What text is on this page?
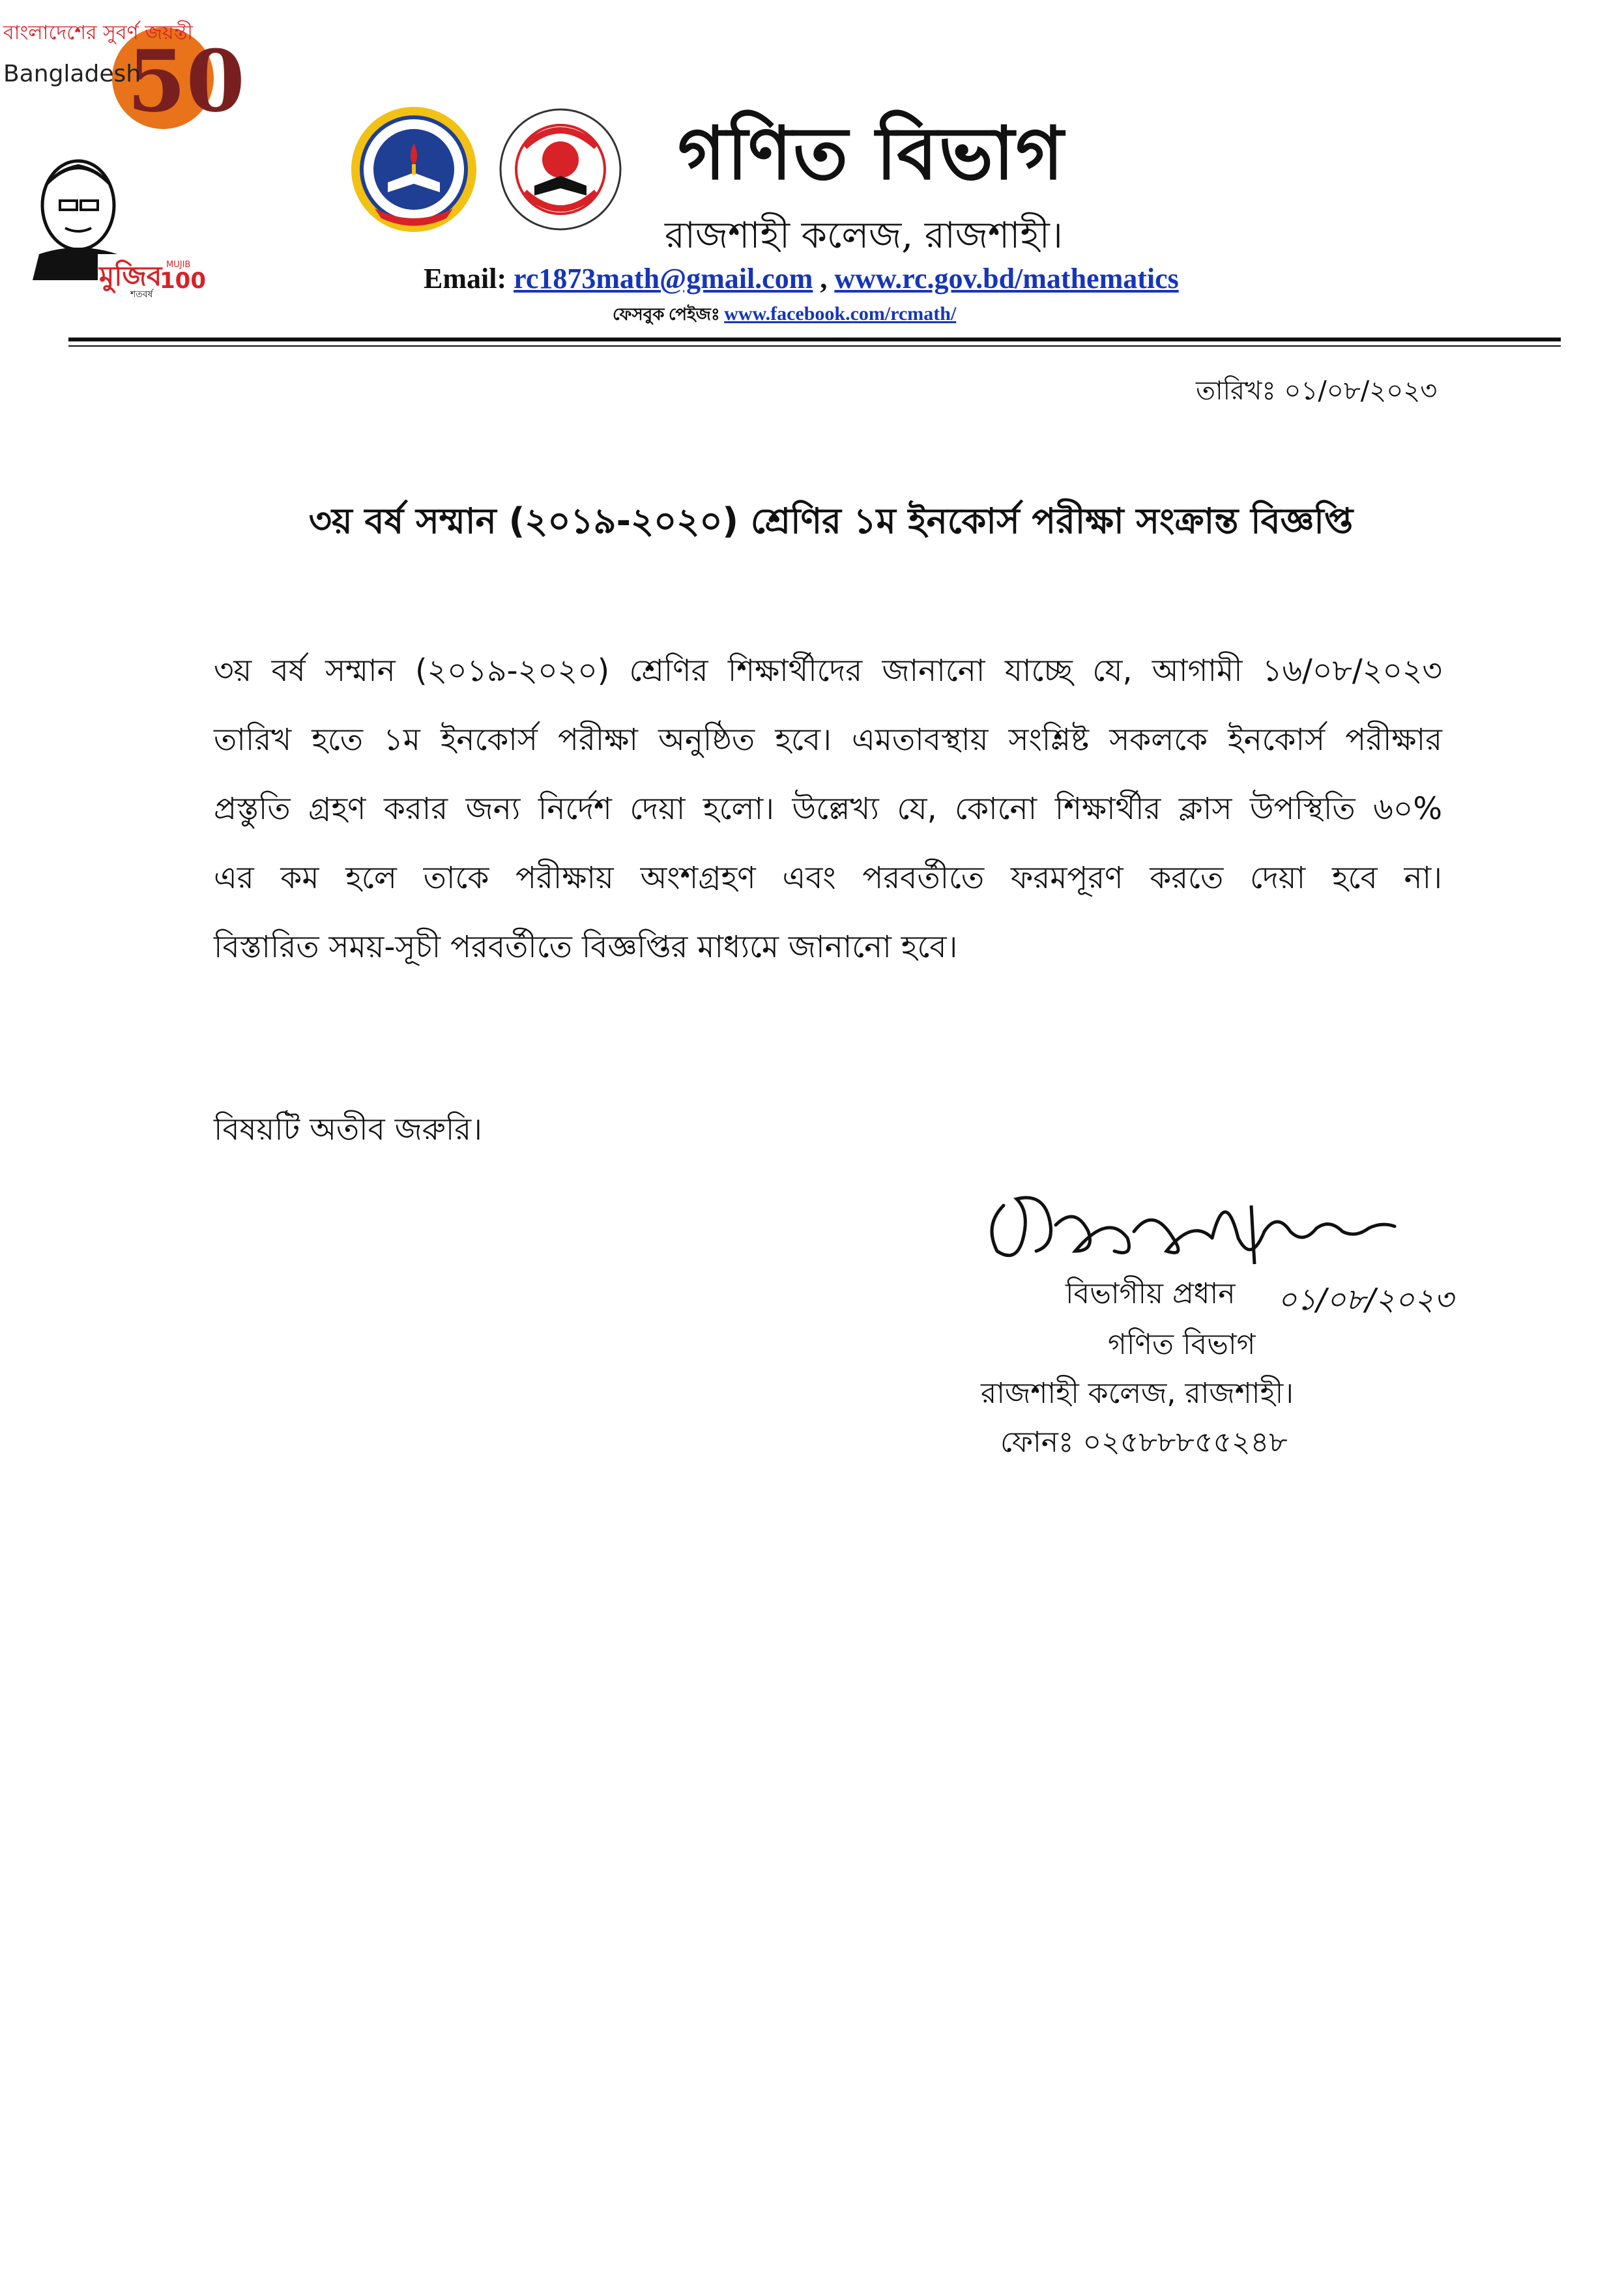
গণিত বিভাগ
রাজশাহী কলেজ, রাজশাহী।
50
বাংলাদেশের সুবর্ণ জয়ন্তী
Bangladesh
মুজিব MUJIB
100
শতবর্ষ	Email: rc1873math@gmail.com , www.rc.gov.bd/mathematics
ফেসবুক পেইজঃ www.facebook.com/rcmath/
তারিখঃ ০১/০৮/২০২৩
৩য় বর্ষ সম্মান (২০১৯-২০২০) শ্রেণির ১ম ইনকোর্স পরীক্ষা সংক্রান্ত বিজ্ঞপ্তি
৩য় বর্ষ সম্মান (২০১৯-২০২০) শ্রেণির শিক্ষার্থীদের জানানো যাচ্ছে যে, আগামী ১৬/০৮/২০২৩
তারিখ হতে ১ম ইনকোর্স পরীক্ষা অনুষ্ঠিত হবে। এমতাবস্থায় সংশ্লিষ্ট সকলকে ইনকোর্স পরীক্ষার
প্রস্তুতি গ্রহণ করার জন্য নির্দেশ দেয়া হলো। উল্লেখ্য যে, কোনো শিক্ষার্থীর ক্লাস উপস্থিতি ৬০%
এর কম হলে তাকে পরীক্ষায় অংশগ্রহণ এবং পরবর্তীতে ফরমপূরণ করতে দেয়া হবে না।
বিস্তারিত সময়-সূচী পরবর্তীতে বিজ্ঞপ্তির মাধ্যমে জানানো হবে।
বিষয়টি অতীব জরুরি।
০১/০৮/২০২৩
বিভাগীয় প্রধান
গণিত বিভাগ
রাজশাহী কলেজ, রাজশাহী।
ফোনঃ ০২৫৮৮৮৫৫২৪৮
